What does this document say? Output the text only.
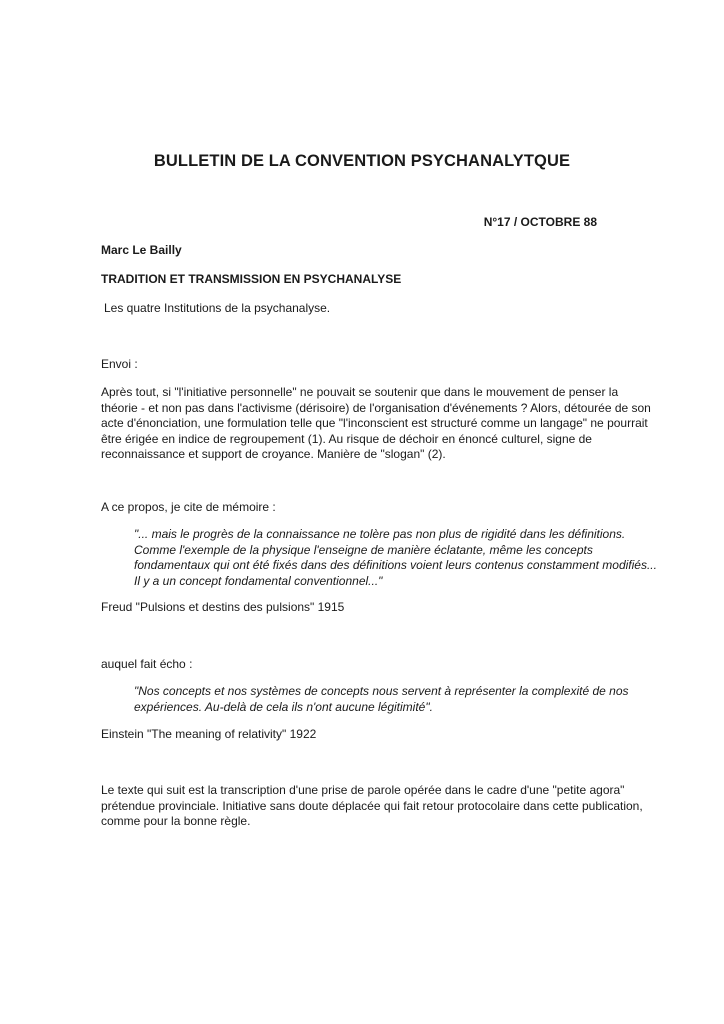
BULLETIN DE LA CONVENTION PSYCHANALYTQUE
N°17 / OCTOBRE 88
Marc Le Bailly
TRADITION ET TRANSMISSION EN PSYCHANALYSE
Les quatre Institutions de la psychanalyse.
Envoi :
Après tout, si "l'initiative personnelle" ne pouvait se soutenir que dans le mouvement de penser la théorie - et non pas dans l'activisme (dérisoire) de l'organisation d'événements ? Alors, détourée de son acte d'énonciation, une formulation telle que "l'inconscient est structuré comme un langage" ne pourrait être érigée en indice de regroupement (1). Au risque de déchoir en énoncé culturel, signe de reconnaissance et support de croyance. Manière de "slogan" (2).
A ce propos, je cite de mémoire :
"... mais le progrès de la connaissance ne tolère pas non plus de rigidité dans les définitions. Comme l'exemple de la physique l'enseigne de manière éclatante, même les concepts fondamentaux qui ont été fixés dans des définitions voient leurs contenus constamment modifiés... Il y a un concept fondamental conventionnel..."
Freud "Pulsions et destins des pulsions" 1915
auquel fait écho :
"Nos concepts et nos systèmes de concepts nous servent à représenter la complexité de nos expériences. Au-delà de cela ils n'ont aucune légitimité".
Einstein "The meaning of relativity" 1922
Le texte qui suit est la transcription d'une prise de parole opérée dans le cadre d'une "petite agora" prétendue provinciale. Initiative sans doute déplacée qui fait retour protocolaire dans cette publication, comme pour la bonne règle.
